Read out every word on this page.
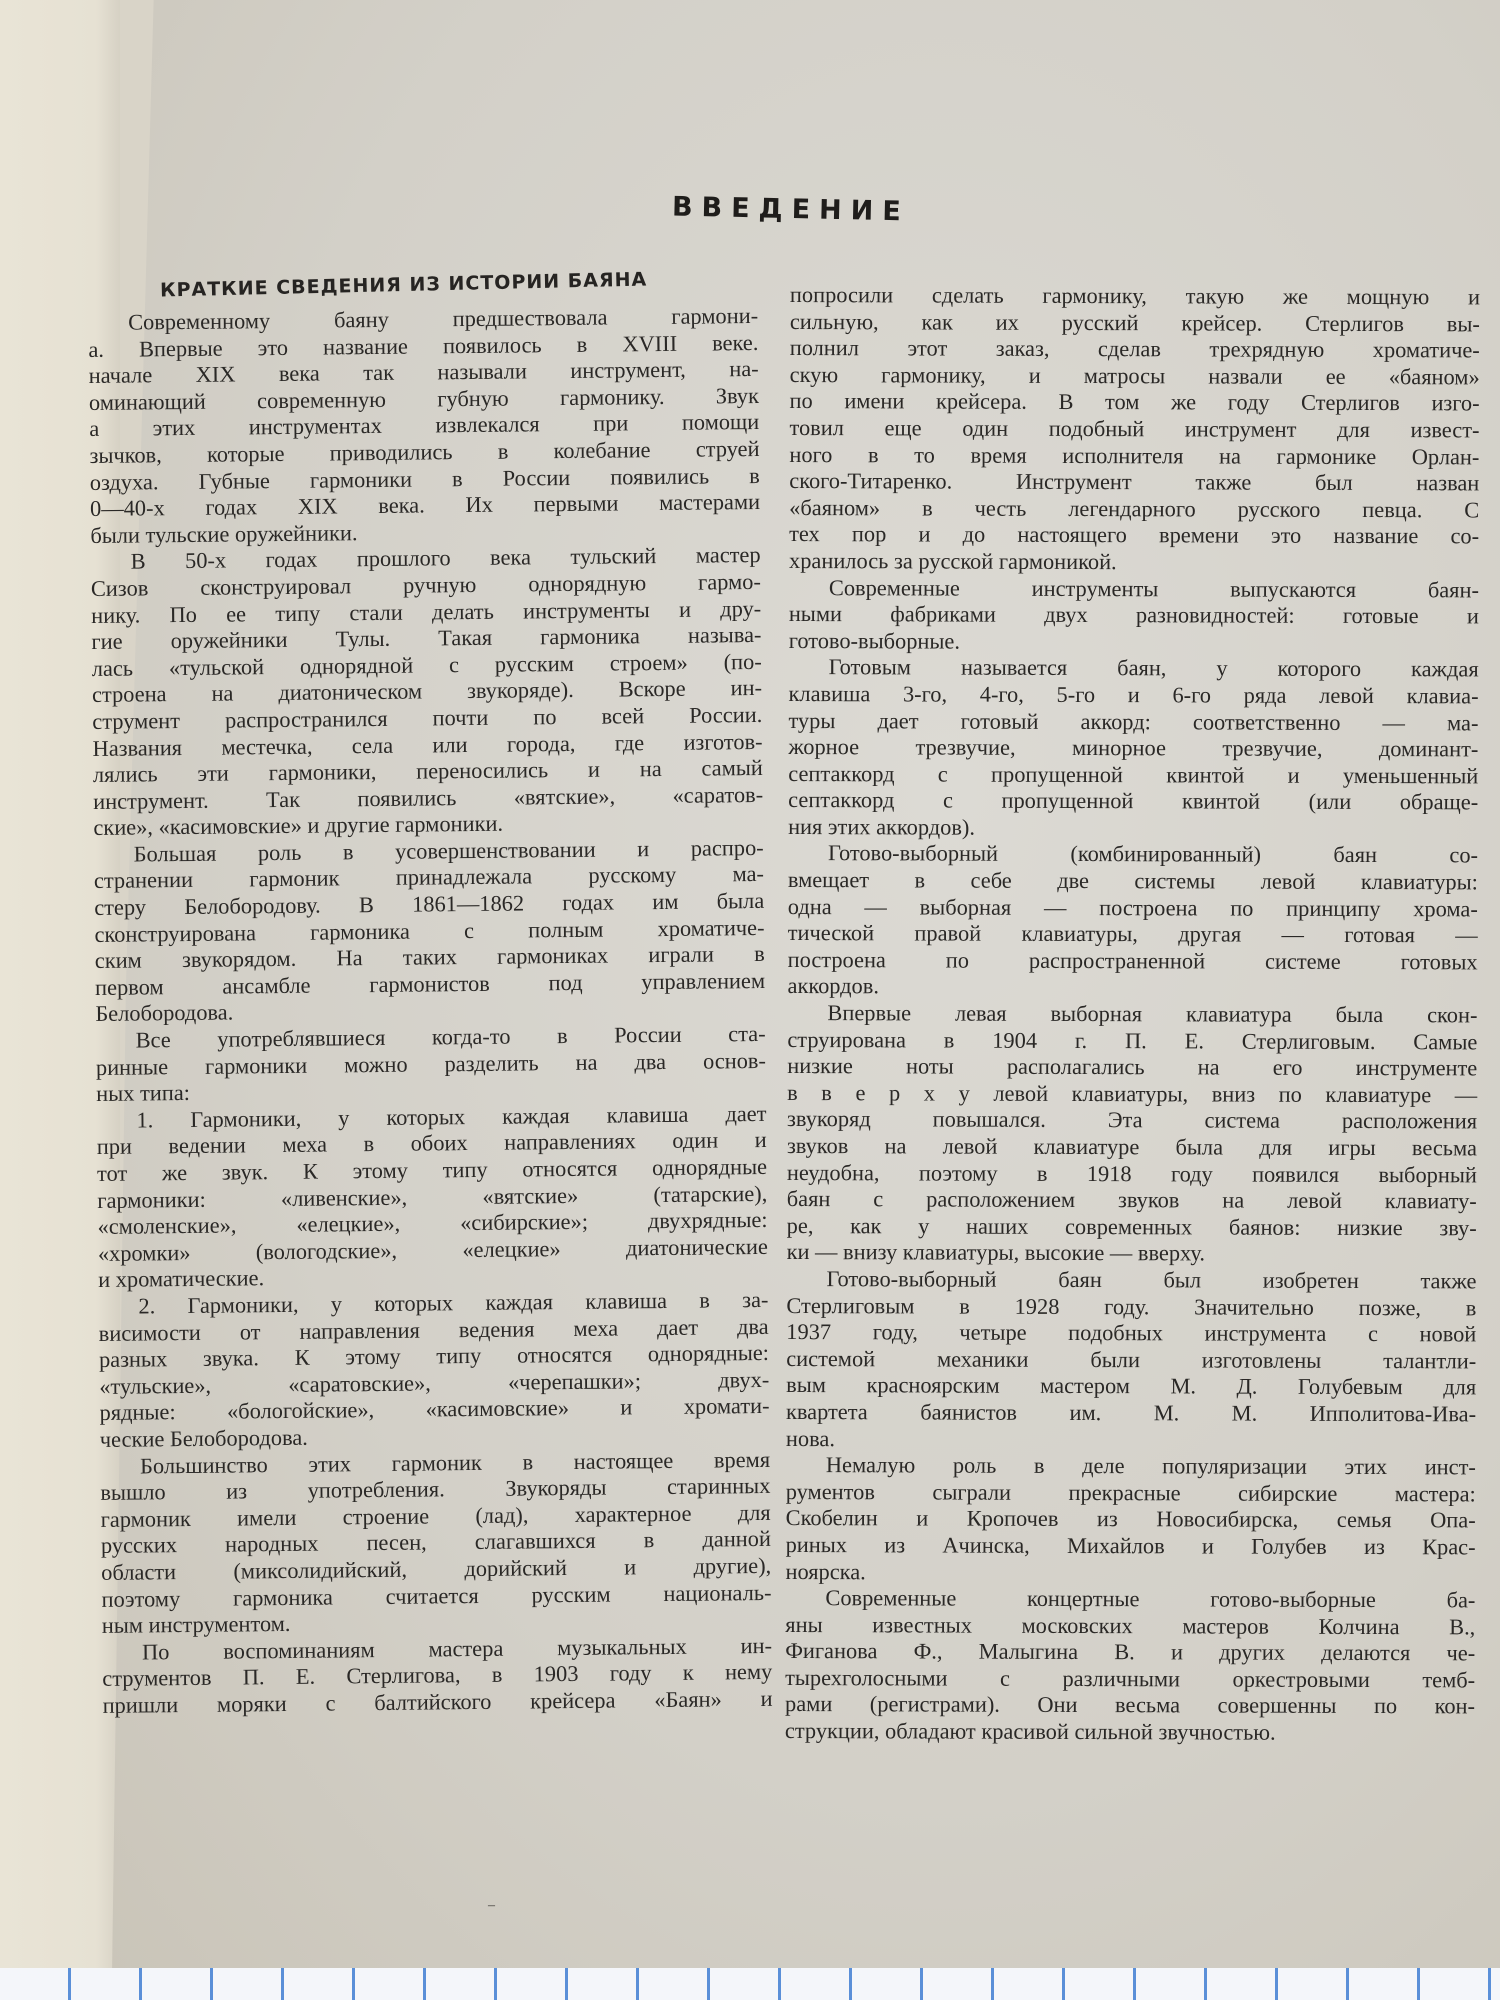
ВВЕДЕНИЕ
КРАТКИЕ СВЕДЕНИЯ ИЗ ИСТОРИИ БАЯНА

Современному баяну предшествовала гармони-
а. Впервые это название появилось в XVIII веке.
начале XIX века так называли инструмент, на-
оминающий современную губную гармонику. Звук
а этих инструментах извлекался при помощи
зычков, которые приводились в колебание струей
оздуха. Губные гармоники в России появились в
0—40-х годах XIX века. Их первыми мастерами
были тульские оружейники.

В 50-х годах прошлого века тульский мастер
Сизов сконструировал ручную однорядную гармо-
нику. По ее типу стали делать инструменты и дру-
гие оружейники Тулы. Такая гармоника называ-
лась «тульской однорядной с русским строем» (по-
строена на диатоническом звукоряде). Вскоре ин-
струмент распространился почти по всей России.
Названия местечка, села или города, где изготов-
лялись эти гармоники, переносились и на самый
инструмент. Так появились «вятские», «саратов-
ские», «касимовские» и другие гармоники.

Большая роль в усовершенствовании и распро-
странении гармоник принадлежала русскому ма-
стеру Белобородову. В 1861—1862 годах им была
сконструирована гармоника с полным хроматиче-
ским звукорядом. На таких гармониках играли в
первом ансамбле гармонистов под управлением
Белобородова.

Все употреблявшиеся когда-то в России ста-
ринные гармоники можно разделить на два основ-
ных типа:

1. Гармоники, у которых каждая клавиша дает
при ведении меха в обоих направлениях один и
тот же звук. К этому типу относятся однорядные
гармоники: «ливенские», «вятские» (татарские),
«смоленские», «елецкие», «сибирские»; двухрядные:
«хромки» (вологодские», «елецкие» диатонические
и хроматические.

2. Гармоники, у которых каждая клавиша в за-
висимости от направления ведения меха дает два
разных звука. К этому типу относятся однорядные:
«тульские», «саратовские», «черепашки»; двух-
рядные: «бологойские», «касимовские» и хромати-
ческие Белобородова.

Большинство этих гармоник в настоящее время
вышло из употребления. Звукоряды старинных
гармоник имели строение (лад), характерное для
русских народных песен, слагавшихся в данной
области (миксолидийский, дорийский и другие),
поэтому гармоника считается русским националь-
ным инструментом.

По воспоминаниям мастера музыкальных ин-
струментов П. Е. Стерлигова, в 1903 году к нему
пришли моряки с балтийского крейсера «Баян» и

попросили сделать гармонику, такую же мощную и
сильную, как их русский крейсер. Стерлигов вы-
полнил этот заказ, сделав трехрядную хроматиче-
скую гармонику, и матросы назвали ее «баяном»
по имени крейсера. В том же году Стерлигов изго-
товил еще один подобный инструмент для извест-
ного в то время исполнителя на гармонике Орлан-
ского-Титаренко. Инструмент также был назван
«баяном» в честь легендарного русского певца. С
тех пор и до настоящего времени это название со-
хранилось за русской гармоникой.

Современные инструменты выпускаются баян-
ными фабриками двух разновидностей: готовые и
готово-выборные.

Готовым называется баян, у которого каждая
клавиша 3-го, 4-го, 5-го и 6-го ряда левой клавиа-
туры дает готовый аккорд: соответственно — ма-
жорное трезвучие, минорное трезвучие, доминант-
септаккорд с пропущенной квинтой и уменьшенный
септаккорд с пропущенной квинтой (или обраще-
ния этих аккордов).

Готово-выборный (комбинированный) баян со-
вмещает в себе две системы левой клавиатуры:
одна — выборная — построена по принципу хрома-
тической правой клавиатуры, другая — готовая —
построена по распространенной системе готовых
аккордов.

Впервые левая выборная клавиатура была скон-
струирована в 1904 г. П. Е. Стерлиговым. Самые
низкие ноты располагались на его инструменте
в в е р х у левой клавиатуры, вниз по клавиатуре —
звукоряд повышался. Эта система расположения
звуков на левой клавиатуре была для игры весьма
неудобна, поэтому в 1918 году появился выборный
баян с расположением звуков на левой клавиату-
ре, как у наших современных баянов: низкие зву-
ки — внизу клавиатуры, высокие — вверху.

Готово-выборный баян был изобретен также
Стерлиговым в 1928 году. Значительно позже, в
1937 году, четыре подобных инструмента с новой
системой механики были изготовлены талантли-
вым красноярским мастером М. Д. Голубевым для
квартета баянистов им. М. М. Ипполитова-Ива-
нова.

Немалую роль в деле популяризации этих инст-
рументов сыграли прекрасные сибирские мастера:
Скобелин и Кропочев из Новосибирска, семья Опа-
риных из Ачинска, Михайлов и Голубев из Крас-
ноярска.

Современные концертные готово-выборные ба-
яны известных московских мастеров Колчина В.,
Фиганова Ф., Малыгина В. и других делаются че-
тырехголосными с различными оркестровыми темб-
рами (регистрами). Они весьма совершенны по кон-
струкции, обладают красивой сильной звучностью.

–
